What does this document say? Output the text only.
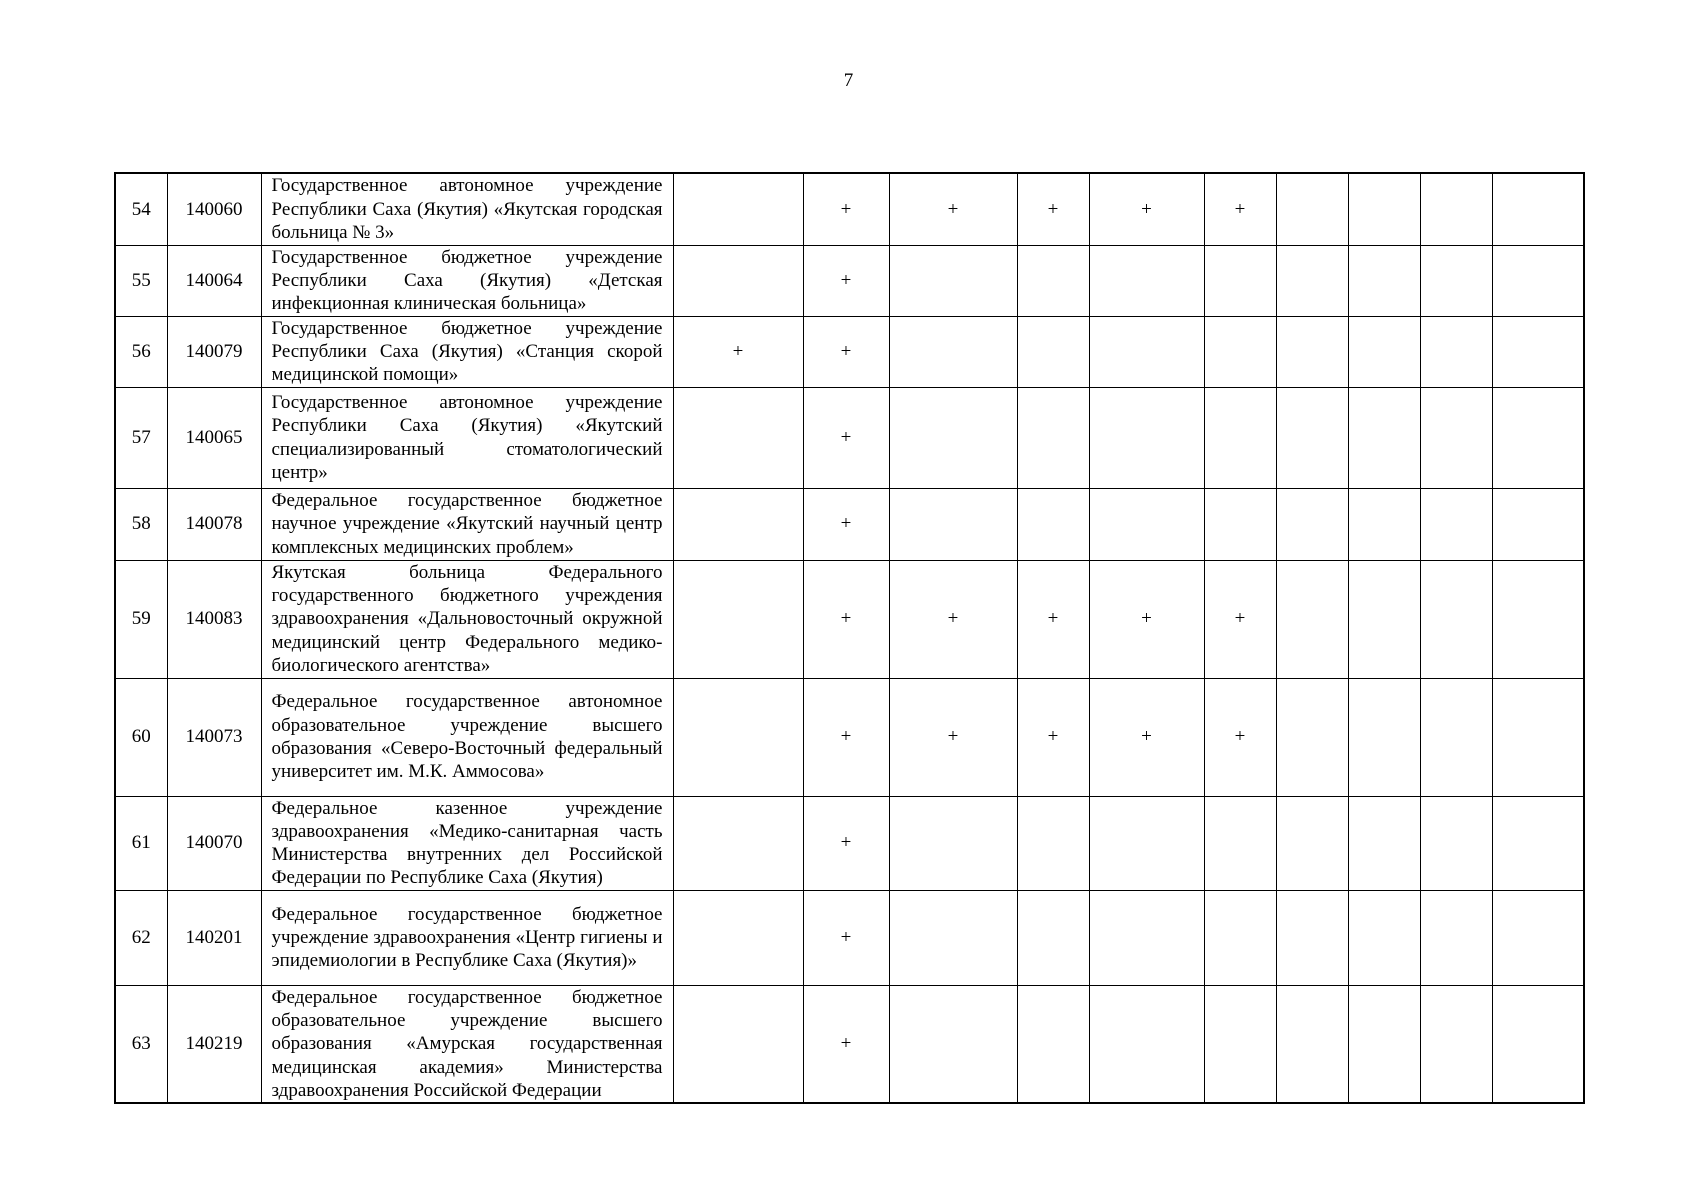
7
54	140060	Государственное автономное учреждение Республики Саха (Якутия) «Якутская городская больница № 3»		+	+	+	+	+				
55	140064	Государственное бюджетное учреждение Республики Саха (Якутия) «Детская инфекционная клиническая больница»		+								
56	140079	Государственное бюджетное учреждение Республики Саха (Якутия) «Станция скорой медицинской помощи»	+	+								
57	140065	Государственное автономное учреждение Республики Саха (Якутия) «Якутский специализированный стоматологический центр»		+								
58	140078	Федеральное государственное бюджетное научное учреждение «Якутский научный центр комплексных медицинских проблем»		+								
59	140083	Якутская больница Федерального государственного бюджетного учреждения здравоохранения «Дальновосточный окружной медицинский центр Федерального медико-биологического агентства»		+	+	+	+	+				
60	140073	Федеральное государственное автономное образовательное учреждение высшего образования «Северо-Восточный федеральный университет им. М.К. Аммосова»		+	+	+	+	+				
61	140070	Федеральное казенное учреждение здравоохранения «Медико-санитарная часть Министерства внутренних дел Российской Федерации по Республике Саха (Якутия)		+								
62	140201	Федеральное государственное бюджетное учреждение здравоохранения «Центр гигиены и эпидемиологии в Республике Саха (Якутия)»		+								
63	140219	Федеральное государственное бюджетное образовательное учреждение высшего образования «Амурская государственная медицинская академия» Министерства здравоохранения Российской Федерации		+								
